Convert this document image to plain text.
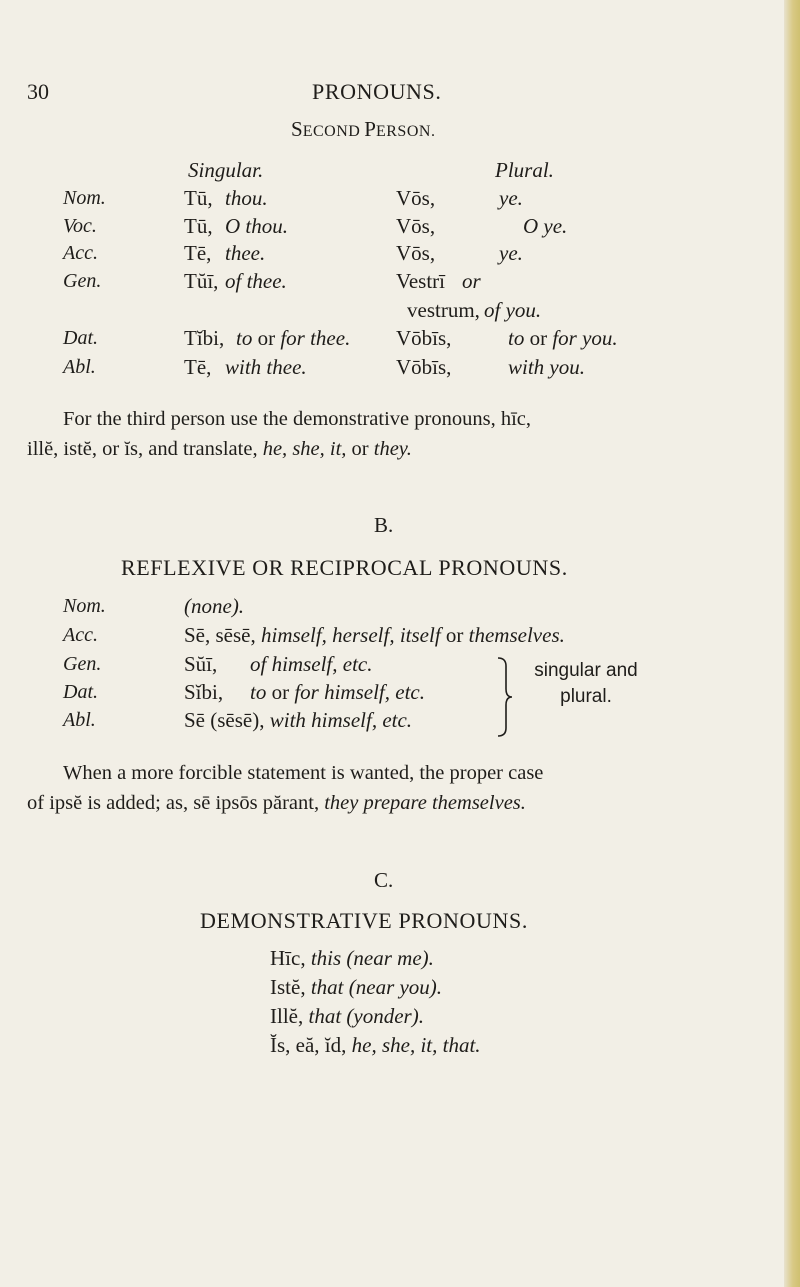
30	PRONOUNS.
SECOND PERSON.
Singular.	Plural.
Nom.	Tū, thou.	Vōs,	ye.
Voc.	Tū, O thou.	Vōs,	O ye.
Acc.	Tē, thee.	Vōs,	ye.
Gen.	Tŭī, of thee.	Vestrī or
vestrum, of you.
Dat.	Tĭbi, to or for thee. Vōbīs,	to or for you.
Abl.	Tē, with thee.	Vōbīs,	with you.
For the third person use the demonstrative pronouns, hīc,
illĕ, istĕ, or ĭs, and translate, he, she, it, or they.
B.
REFLEXIVE OR RECIPROCAL PRONOUNS.
Nom.	(none).
Acc.	Sē, sēsē, himself, herself, itself or themselves.
Gen.	Sŭī, of himself, etc.
Dat.	Sĭbi, to or for himself, etc.
Abl.	Sē (sēsē), with himself, etc.
singular and
plural.
When a more forcible statement is wanted, the proper case
of ipsĕ is added; as, sē ipsōs părant, they prepare themselves.
C.
DEMONSTRATIVE PRONOUNS.
Hīc, this (near me).
Istĕ, that (near you).
Illĕ, that (yonder).
Ĭs, eă, ĭd, he, she, it, that.
